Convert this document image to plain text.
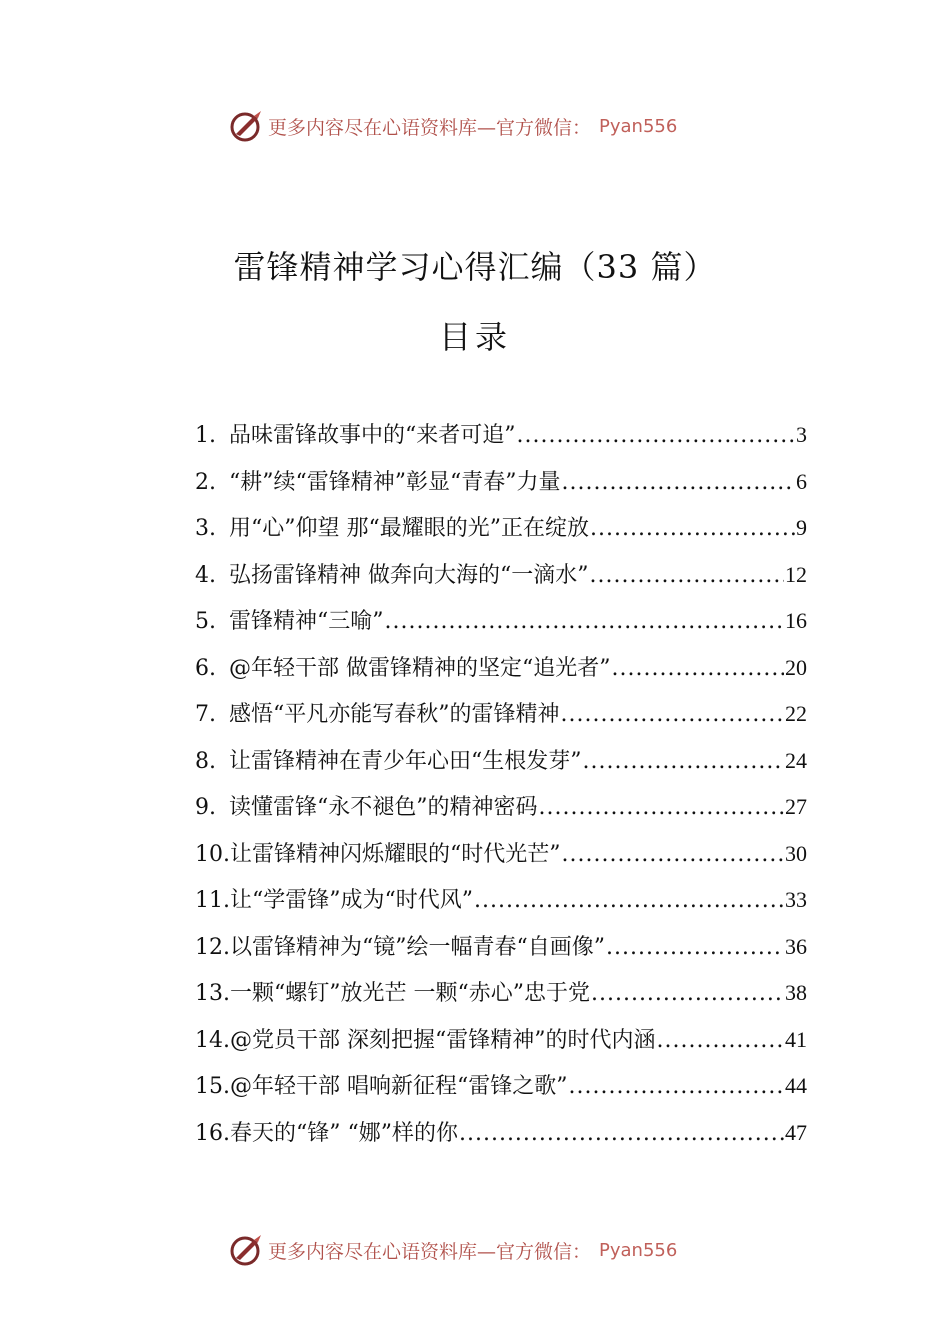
更多内容尽在心语资料库—官方微信： Pyan556
雷锋精神学习心得汇编（33 篇）
目录
1. 品味雷锋故事中的“来者可追” .....	3
2. “耕”续“雷锋精神”彰显“青春”力量 .....	6
3. 用“心”仰望 那“最耀眼的光”正在绽放 .....	9
4. 弘扬雷锋精神 做奔向大海的“一滴水” .....	12
5. 雷锋精神“三喻” .....	16
6. @年轻干部 做雷锋精神的坚定“追光者” .....	20
7. 感悟“平凡亦能写春秋”的雷锋精神 .....	22
8. 让雷锋精神在青少年心田“生根发芽” .....	24
9. 读懂雷锋“永不褪色”的精神密码 .....	27
10. 让雷锋精神闪烁耀眼的“时代光芒” .....	30
11. 让“学雷锋”成为“时代风” .....	33
12. 以雷锋精神为“镜”绘一幅青春“自画像” .....	36
13. 一颗“螺钉”放光芒 一颗“赤心”忠于党 .....	38
14. @党员干部 深刻把握“雷锋精神”的时代内涵 .....	41
15. @年轻干部 唱响新征程“雷锋之歌” .....	44
16. 春天的“锋” “娜”样的你 .....	47
更多内容尽在心语资料库—官方微信： Pyan556
